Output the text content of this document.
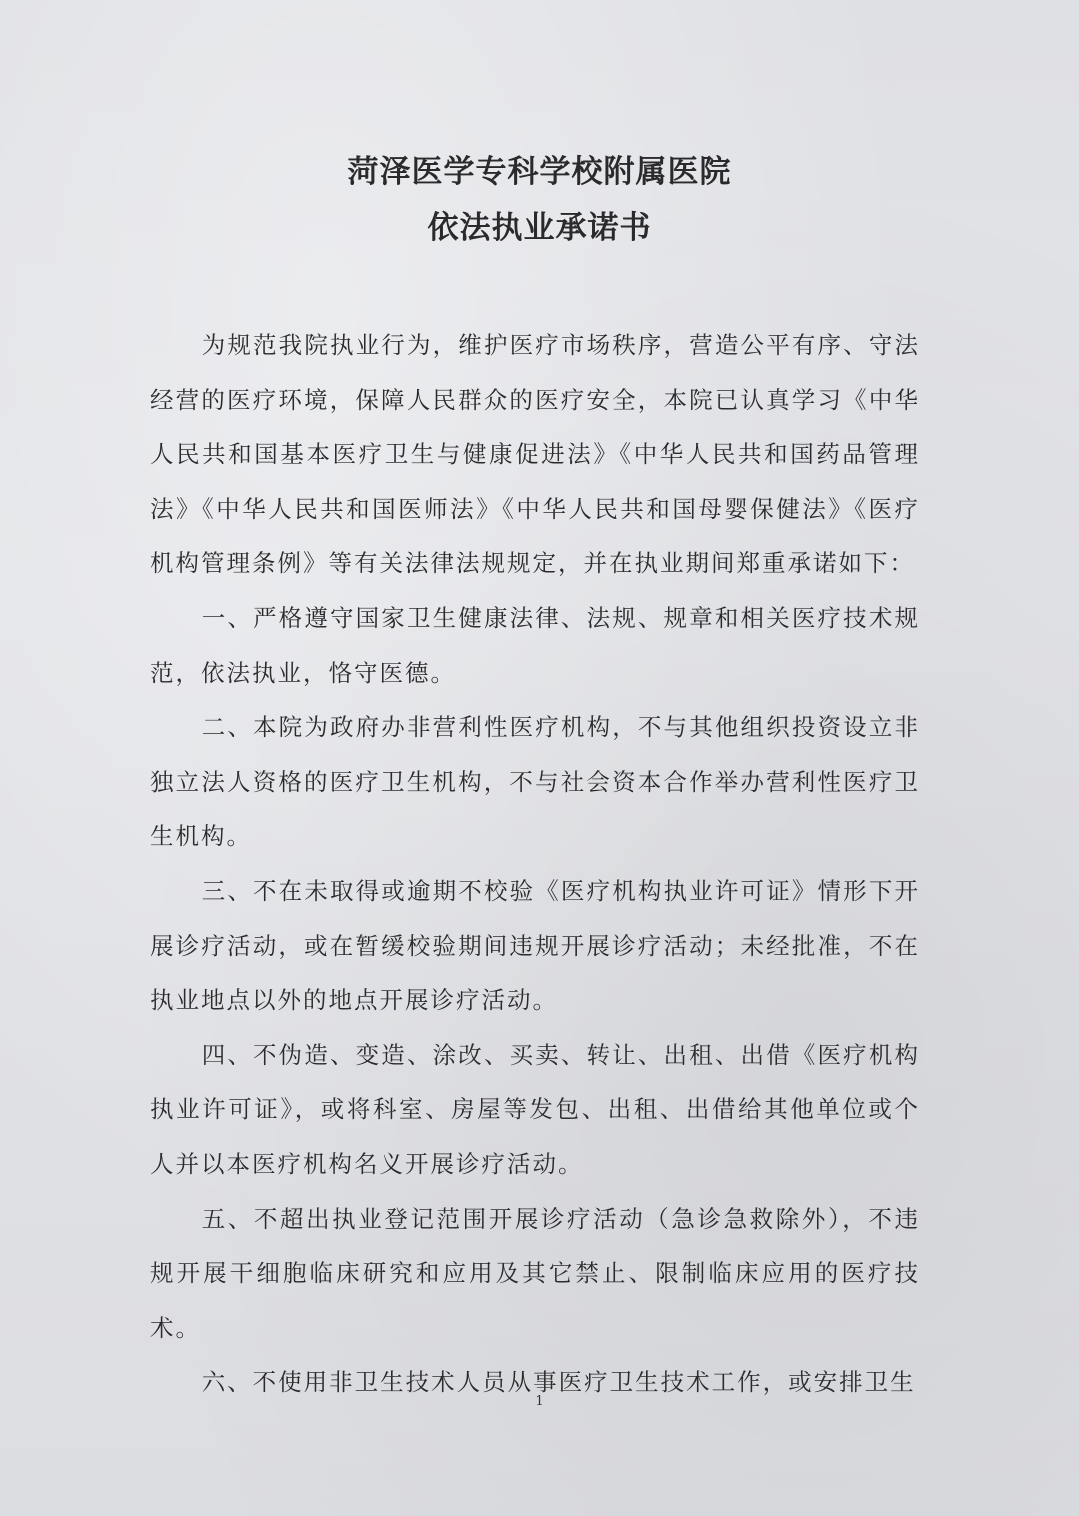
菏泽医学专科学校附属医院
依法执业承诺书

为规范我院执业行为，维护医疗市场秩序，营造公平有序、守法经营的医疗环境，保障人民群众的医疗安全，本院已认真学习《中华人民共和国基本医疗卫生与健康促进法》《中华人民共和国药品管理法》《中华人民共和国医师法》《中华人民共和国母婴保健法》《医疗机构管理条例》等有关法律法规规定，并在执业期间郑重承诺如下：

一、严格遵守国家卫生健康法律、法规、规章和相关医疗技术规范，依法执业，恪守医德。

二、本院为政府办非营利性医疗机构，不与其他组织投资设立非独立法人资格的医疗卫生机构，不与社会资本合作举办营利性医疗卫生机构。

三、不在未取得或逾期不校验《医疗机构执业许可证》情形下开展诊疗活动，或在暂缓校验期间违规开展诊疗活动；未经批准，不在执业地点以外的地点开展诊疗活动。

四、不伪造、变造、涂改、买卖、转让、出租、出借《医疗机构执业许可证》，或将科室、房屋等发包、出租、出借给其他单位或个人并以本医疗机构名义开展诊疗活动。

五、不超出执业登记范围开展诊疗活动（急诊急救除外），不违规开展干细胞临床研究和应用及其它禁止、限制临床应用的医疗技术。

六、不使用非卫生技术人员从事医疗卫生技术工作，或安排卫生

1
